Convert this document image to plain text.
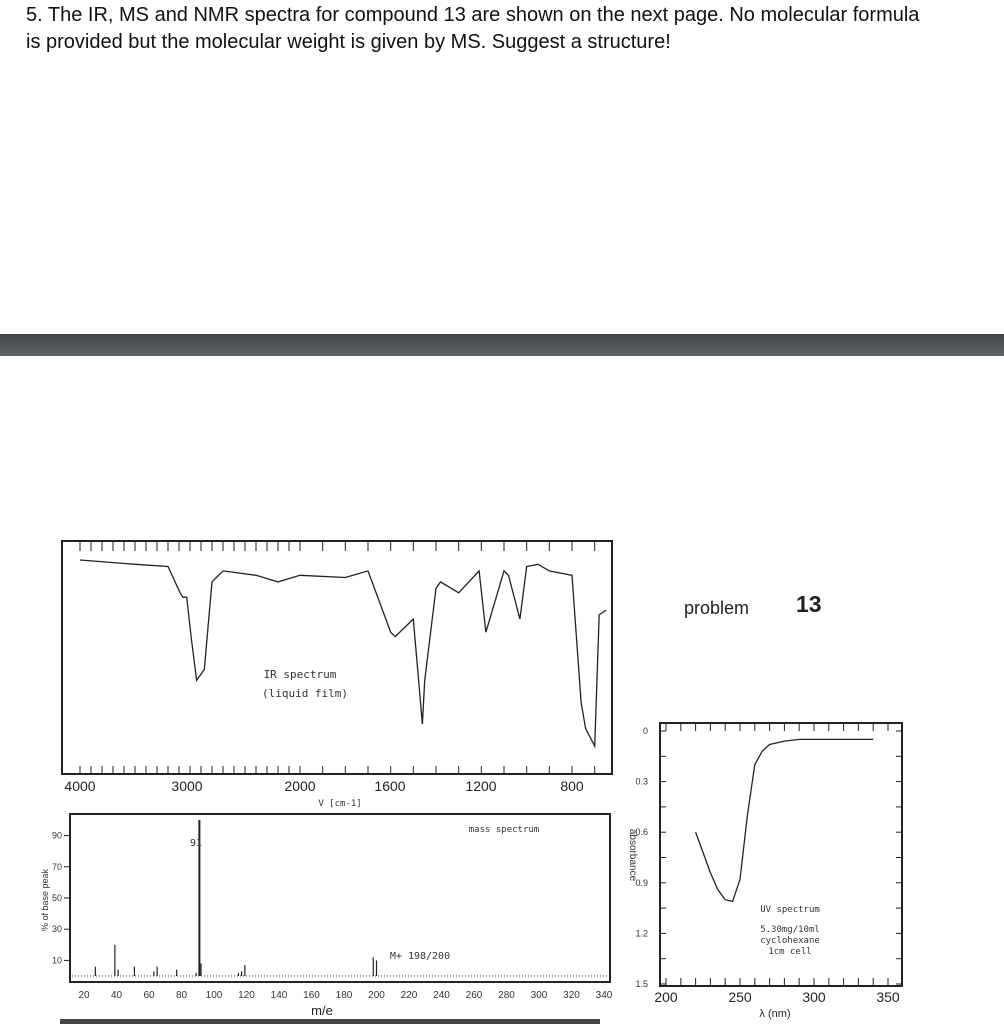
5. The IR, MS and NMR spectra for compound 13 are shown on the next page. No molecular formula is provided but the molecular weight is given by MS. Suggest a structure!
IR spectrum
(liquid film)
4000	3000	2000	1600	1200	800
V [cm-1]
problem 13
mass spectrum
91
M+ 198/200
20 40 60 80 100 120 140 160 180 200 220 240 260 280 300 320 340
90
70
50
30
10
% of base peak
m/e
UV spectrum
5.30mg/10ml
cyclohexane
1cm cell
200	250	300	350
0
0.3
0.6
0.9
1.2
1.5
absorbance
λ (nm)
